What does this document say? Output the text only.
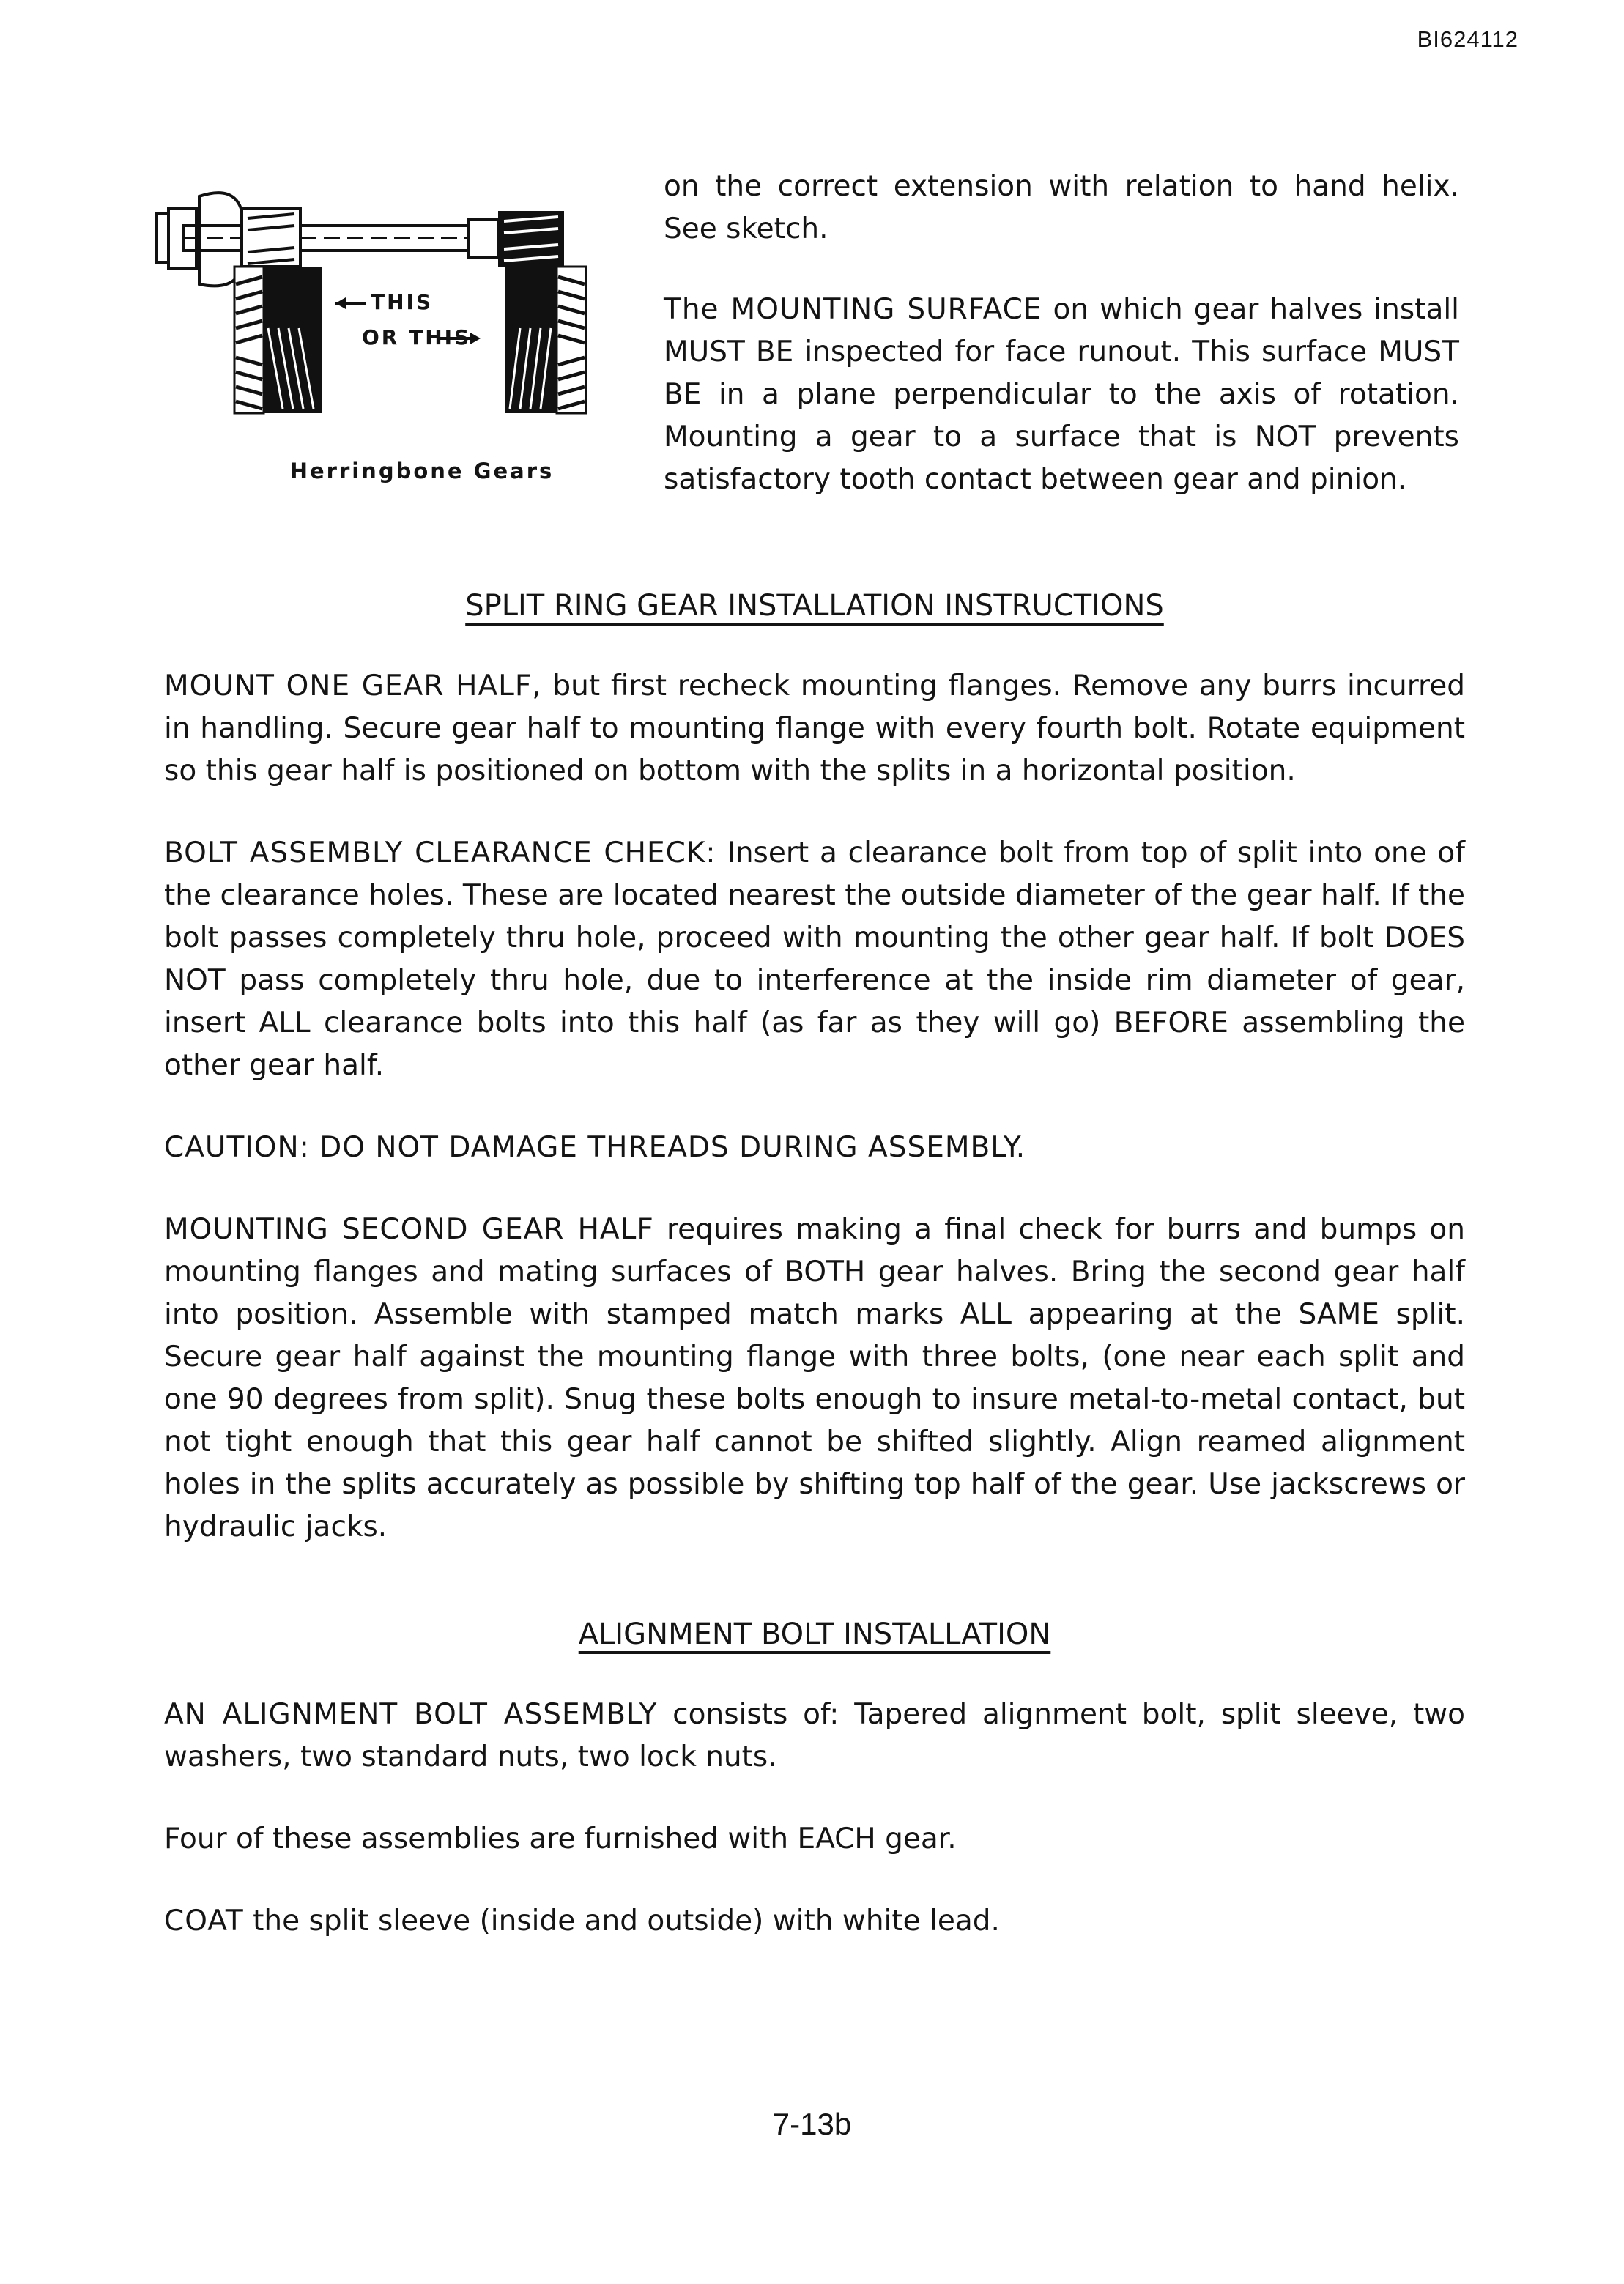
BI624112
THIS
OR THIS
Herringbone Gears

on the correct extension with relation to hand helix. See sketch.

The MOUNTING SURFACE on which gear halves install MUST BE inspected for face runout. This surface MUST BE in a plane perpendicular to the axis of rotation. Mounting a gear to a surface that is NOT prevents satisfactory tooth contact between gear and pinion.

SPLIT RING GEAR INSTALLATION INSTRUCTIONS

MOUNT ONE GEAR HALF, but first recheck mounting flanges. Remove any burrs incurred in handling. Secure gear half to mounting flange with every fourth bolt. Rotate equipment so this gear half is positioned on bottom with the splits in a horizontal position.

BOLT ASSEMBLY CLEARANCE CHECK: Insert a clearance bolt from top of split into one of the clearance holes. These are located nearest the outside diameter of the gear half. If the bolt passes completely thru hole, proceed with mounting the other gear half. If bolt DOES NOT pass completely thru hole, due to interference at the inside rim diameter of gear, insert ALL clearance bolts into this half (as far as they will go) BEFORE assembling the other gear half.

CAUTION: DO NOT DAMAGE THREADS DURING ASSEMBLY.

MOUNTING SECOND GEAR HALF requires making a final check for burrs and bumps on mounting flanges and mating surfaces of BOTH gear halves. Bring the second gear half into position. Assemble with stamped match marks ALL appearing at the SAME split. Secure gear half against the mounting flange with three bolts, (one near each split and one 90 degrees from split). Snug these bolts enough to insure metal-to-metal contact, but not tight enough that this gear half cannot be shifted slightly. Align reamed alignment holes in the splits accurately as possible by shifting top half of the gear. Use jackscrews or hydraulic jacks.

ALIGNMENT BOLT INSTALLATION

AN ALIGNMENT BOLT ASSEMBLY consists of: Tapered alignment bolt, split sleeve, two washers, two standard nuts, two lock nuts.

Four of these assemblies are furnished with EACH gear.

COAT the split sleeve (inside and outside) with white lead.

7-13b
